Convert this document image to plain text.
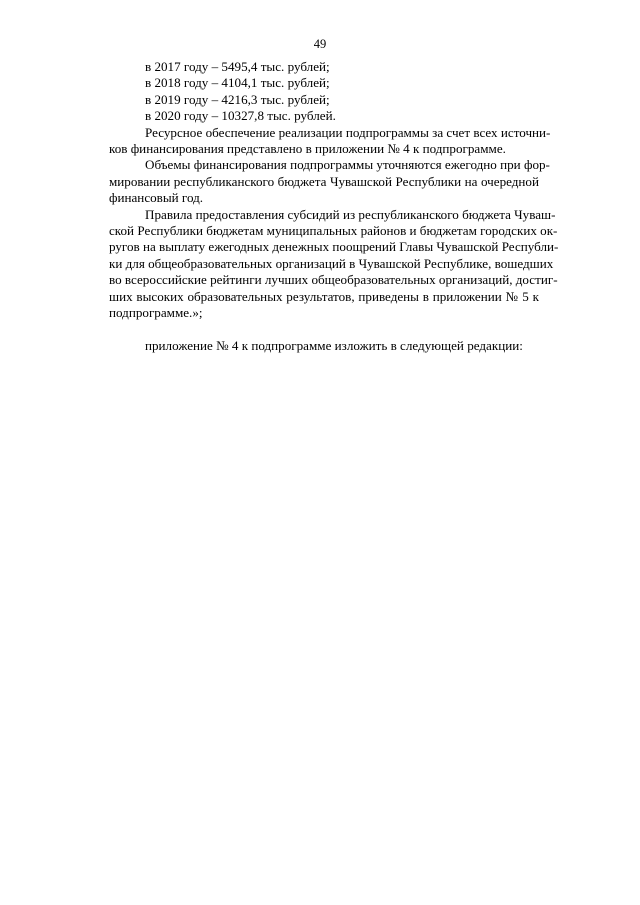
49
в 2017 году – 5495,4 тыс. рублей;
в 2018 году – 4104,1 тыс. рублей;
в 2019 году – 4216,3 тыс. рублей;
в 2020 году – 10327,8 тыс. рублей.
Ресурсное обеспечение реализации подпрограммы за счет всех источни-
ков финансирования представлено в приложении № 4 к подпрограмме.
Объемы финансирования подпрограммы уточняются ежегодно при фор-
мировании республиканского бюджета Чувашской Республики на очередной
финансовый год.
Правила предоставления субсидий из республиканского бюджета Чуваш-
ской Республики бюджетам муниципальных районов и бюджетам городских ок-
ругов на выплату ежегодных денежных поощрений Главы Чувашской Республи-
ки для общеобразовательных организаций в Чувашской Республике, вошедших
во всероссийские рейтинги лучших общеобразовательных организаций, достиг-
ших высоких образовательных результатов, приведены в приложении № 5 к
подпрограмме.»;
приложение № 4 к подпрограмме изложить в следующей редакции:
